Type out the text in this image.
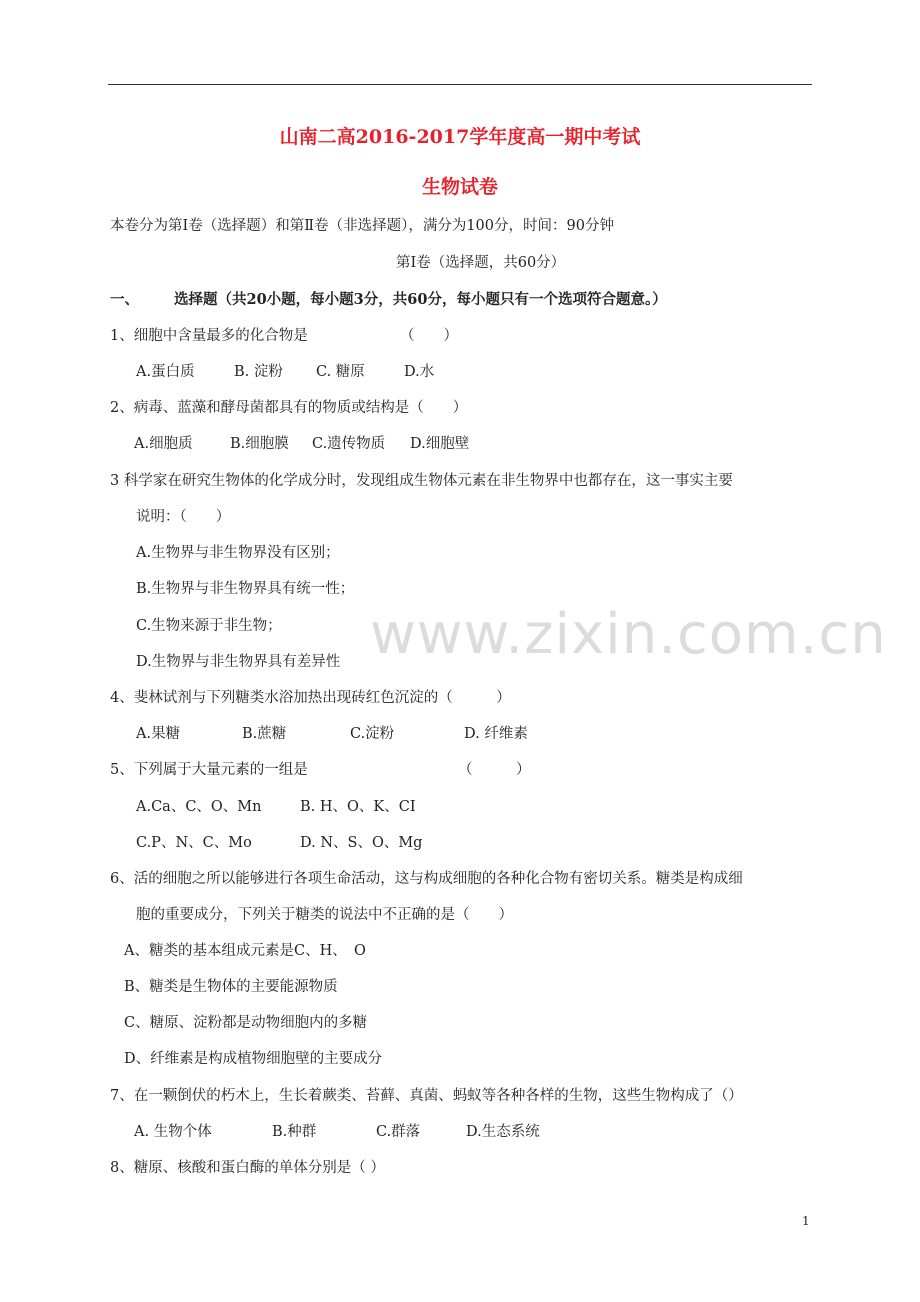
山南二高2016-2017学年度高一期中考试
生物试卷
本卷分为第Ⅰ卷（选择题）和第Ⅱ卷（非选择题），满分为100分，时间：90分钟
第Ⅰ卷（选择题，共60分）
一、 选择题（共20小题，每小题3分，共60分，每小题只有一个选项符合题意。）
1、细胞中含量最多的化合物是	（　　）
A.蛋白质	B. 淀粉 C. 糖原	D.水
2、病毒、蓝藻和酵母菌都具有的物质或结构是（　　）
A.细胞质	B.细胞膜 C.遗传物质 D.细胞壁
3 科学家在研究生物体的化学成分时，发现组成生物体元素在非生物界中也都存在，这一事实主要
说明：（　　）
A.生物界与非生物界没有区别；
B.生物界与非生物界具有统一性；
C.生物来源于非生物；
D.生物界与非生物界具有差异性
4、斐林试剂与下列糖类水浴加热出现砖红色沉淀的（　　　）
A.果糖	B.蔗糖	C.淀粉	D. 纤维素
5、下列属于大量元素的一组是	（　　　）
A.Ca、C、O、Mn	B. H、O、K、CI
C.P、N、C、Mo	D. N、S、O、Mg
6、活的细胞之所以能够进行各项生命活动，这与构成细胞的各种化合物有密切关系。糖类是构成细
胞的重要成分，下列关于糖类的说法中不正确的是（　　）
A、糖类的基本组成元素是C、H、　O
B、糖类是生物体的主要能源物质
C、糖原、淀粉都是动物细胞内的多糖
D、纤维素是构成植物细胞壁的主要成分
7、在一颗倒伏的朽木上，生长着蕨类、苔藓、真菌、蚂蚁等各种各样的生物，这些生物构成了（）
A. 生物个体	B.种群	C.群落	D.生态系统
8、糖原、核酸和蛋白酶的单体分别是（ ）
www.zixin.com.cn
1
